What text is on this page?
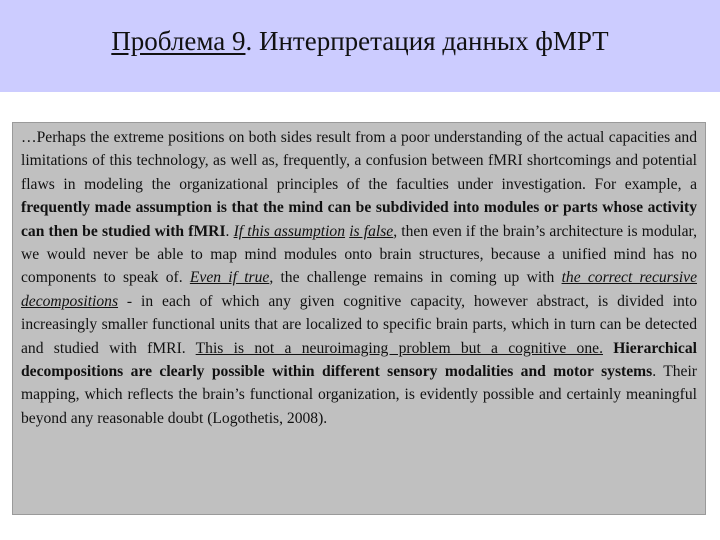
Проблема 9. Интерпретация данных фМРТ

…Perhaps the extreme positions on both sides result from a poor understanding of the actual capacities and limitations of this technology, as well as, frequently, a confusion between fMRI shortcomings and potential flaws in modeling the organizational principles of the faculties under investigation. For example, a frequently made assumption is that the mind can be subdivided into modules or parts whose activity can then be studied with fMRI. If this assumption is false, then even if the brain’s architecture is modular, we would never be able to map mind modules onto brain structures, because a unified mind has no components to speak of. Even if true, the challenge remains in coming up with the correct recursive decompositions - in each of which any given cognitive capacity, however abstract, is divided into increasingly smaller functional units that are localized to specific brain parts, which in turn can be detected and studied with fMRI. This is not a neuroimaging problem but a cognitive one. Hierarchical decompositions are clearly possible within different sensory modalities and motor systems. Their mapping, which reflects the brain’s functional organization, is evidently possible and certainly meaningful beyond any reasonable doubt (Logothetis, 2008).
